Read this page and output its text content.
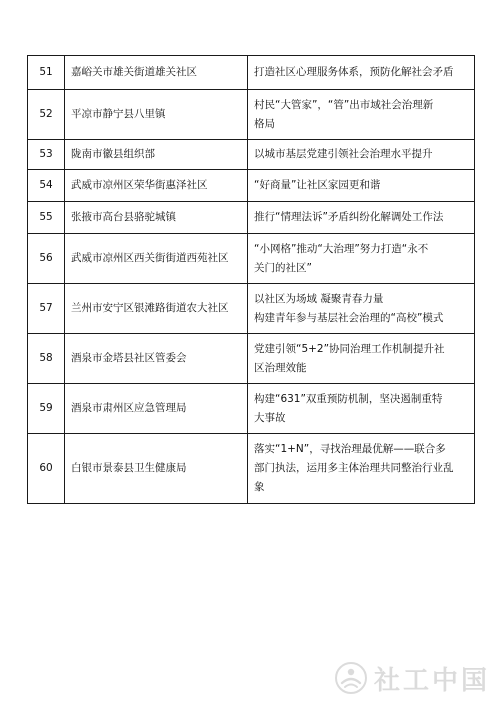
51	嘉峪关市雄关街道雄关社区	打造社区心理服务体系，预防化解社会矛盾

52	平凉市静宁县八里镇	村民“大管家”，“管”出市域社会治理新
格局

53	陇南市徽县组织部	以城市基层党建引领社会治理水平提升

54	武威市凉州区荣华街惠泽社区	“好商量”让社区家园更和谐

55	张掖市高台县骆驼城镇	推行“情理法诉”矛盾纠纷化解调处工作法

56	武威市凉州区西关街街道西苑社区	“小网格”推动“大治理”努力打造“永不
关门的社区”

57	兰州市安宁区银滩路街道农大社区	以社区为场域 凝聚青春力量
构建青年参与基层社会治理的“高校”模式

58	酒泉市金塔县社区管委会	党建引领“5+2”协同治理工作机制提升社
区治理效能

59	酒泉市肃州区应急管理局	构建“631”双重预防机制，坚决遏制重特
大事故

60	白银市景泰县卫生健康局	落实“1+N”，寻找治理最优解——联合多
部门执法，运用多主体治理共同整治行业乱
象
社工中国
